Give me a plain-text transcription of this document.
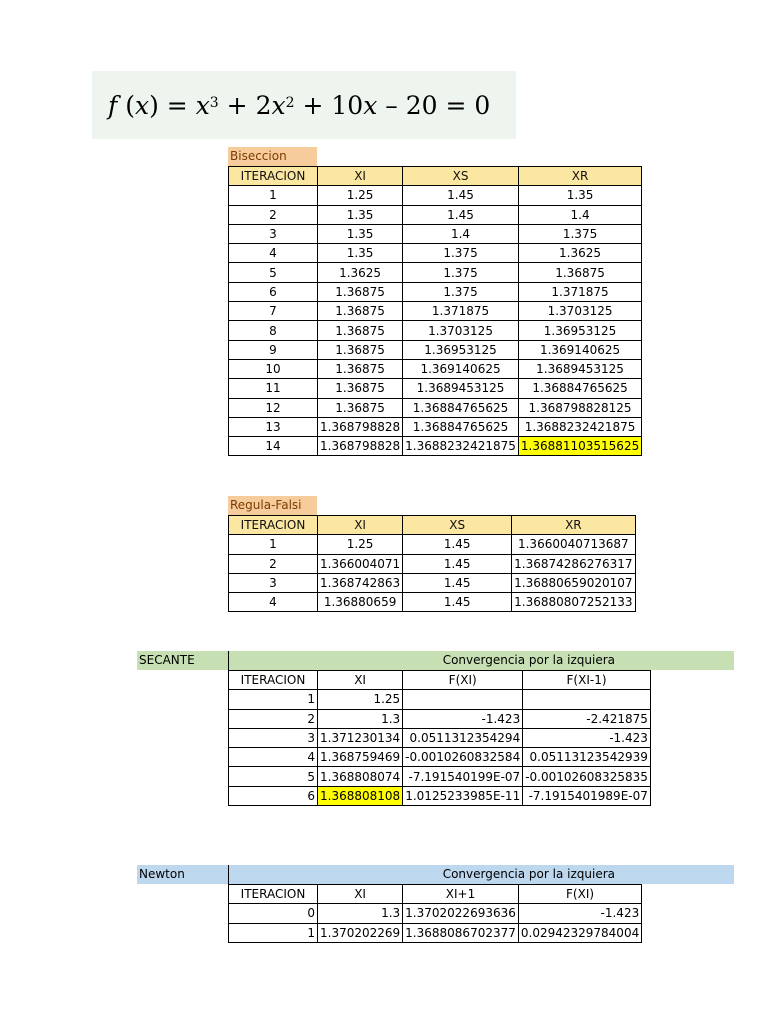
f ( x ) = $x^3$
+ 2 $x^2$
+ 10 x
– 20 = 0
Biseccion
ITERACION	XI	XS	XR
1	1.25	1.45	1.35
2	1.35	1.45	1.4
3	1.35	1.4	1.375
4	1.35	1.375	1.3625
5	1.3625	1.375	1.36875
6	1.36875	1.375	1.371875
7	1.36875	1.371875	1.3703125
8	1.36875	1.3703125	1.36953125
9	1.36875	1.36953125	1.369140625
10	1.36875	1.369140625	1.3689453125
11	1.36875	1.3689453125	1.36884765625
12	1.36875	1.36884765625	1.368798828125
13	1.368798828	1.36884765625	1.3688232421875
14	1.368798828	1.3688232421875	1.36881103515625
Regula-Falsi
ITERACION	XI	XS	XR
1	1.25	1.45	1.3660040713687
2	1.366004071	1.45	1.36874286276317
3	1.368742863	1.45	1.36880659020107
4	1.36880659	1.45	1.36880807252133
SECANTE	Convergencia por la izquiera
ITERACION	XI	F(XI)	F(XI-1)
1	1.25		
2	1.3	-1.423	-2.421875
3	1.371230134	0.0511312354294	-1.423
4	1.368759469	-0.0010260832584	0.05113123542939
5	1.368808074	-7.191540199E-07	-0.00102608325835
6	1.368808108	1.0125233985E-11	-7.1915401989E-07
Newton	Convergencia por la izquiera
ITERACION	XI	XI+1	F(XI)
0	1.3	1.3702022693636	-1.423
1	1.370202269	1.3688086702377	0.02942329784004
